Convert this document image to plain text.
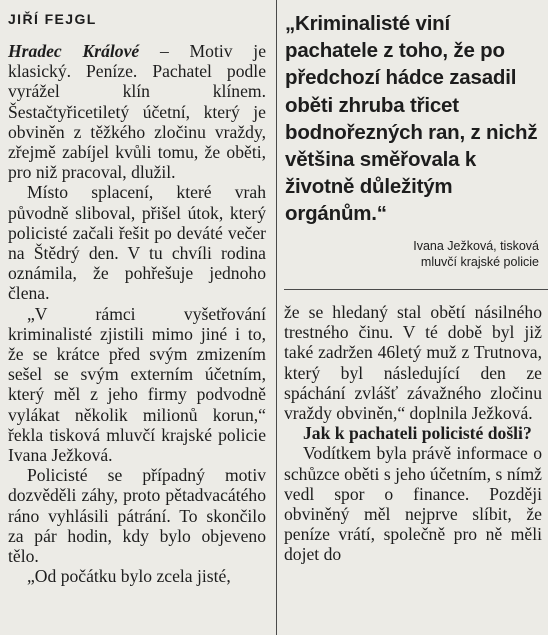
JIŘÍ FEJGL

Hradec Králové – Motiv je klasický. Peníze. Pachatel podle vyrážel klín klínem. Šestačtyřicetiletý účetní, který je obviněn z těžkého zločinu vraždy, zřejmě zabíjel kvůli tomu, že oběti, pro niž pracoval, dlužil.

Místo splacení, které vrah původně sliboval, přišel útok, který policisté začali řešit po deváté večer na Štědrý den. V tu chvíli rodina oznámila, že pohřešuje jednoho člena.

„V rámci vyšetřování kriminalisté zjistili mimo jiné i to, že se krátce před svým zmizením sešel se svým externím účetním, který měl z jeho firmy podvodně vylákat několik milionů korun,“ řekla tisková mluvčí krajské policie Ivana Ježková.

Policisté se případný motiv dozvěděli záhy, proto pětadvacátého ráno vyhlásili pátrání. To skončilo za pár hodin, kdy bylo objeveno tělo.

„Od počátku bylo zcela jisté,

„Kriminalisté viní pachatele z toho, že po předchozí hádce zasadil oběti zhruba třicet bodnořezných ran, z nichž většina směřovala k životně důležitým orgánům.“

Ivana Ježková, tisková
mluvčí krajské policie

že se hledaný stal obětí násilného trestného činu. V té době byl již také zadržen 46letý muž z Trutnova, který byl následující den ze spáchání zvlášť závažného zločinu vraždy obviněn,“ doplnila Ježková.

Jak k pachateli policisté došli?

Vodítkem byla právě informace o schůzce oběti s jeho účetním, s nímž vedl spor o finance. Později obviněný měl nejprve slíbit, že peníze vrátí, společně pro ně měli dojet do
